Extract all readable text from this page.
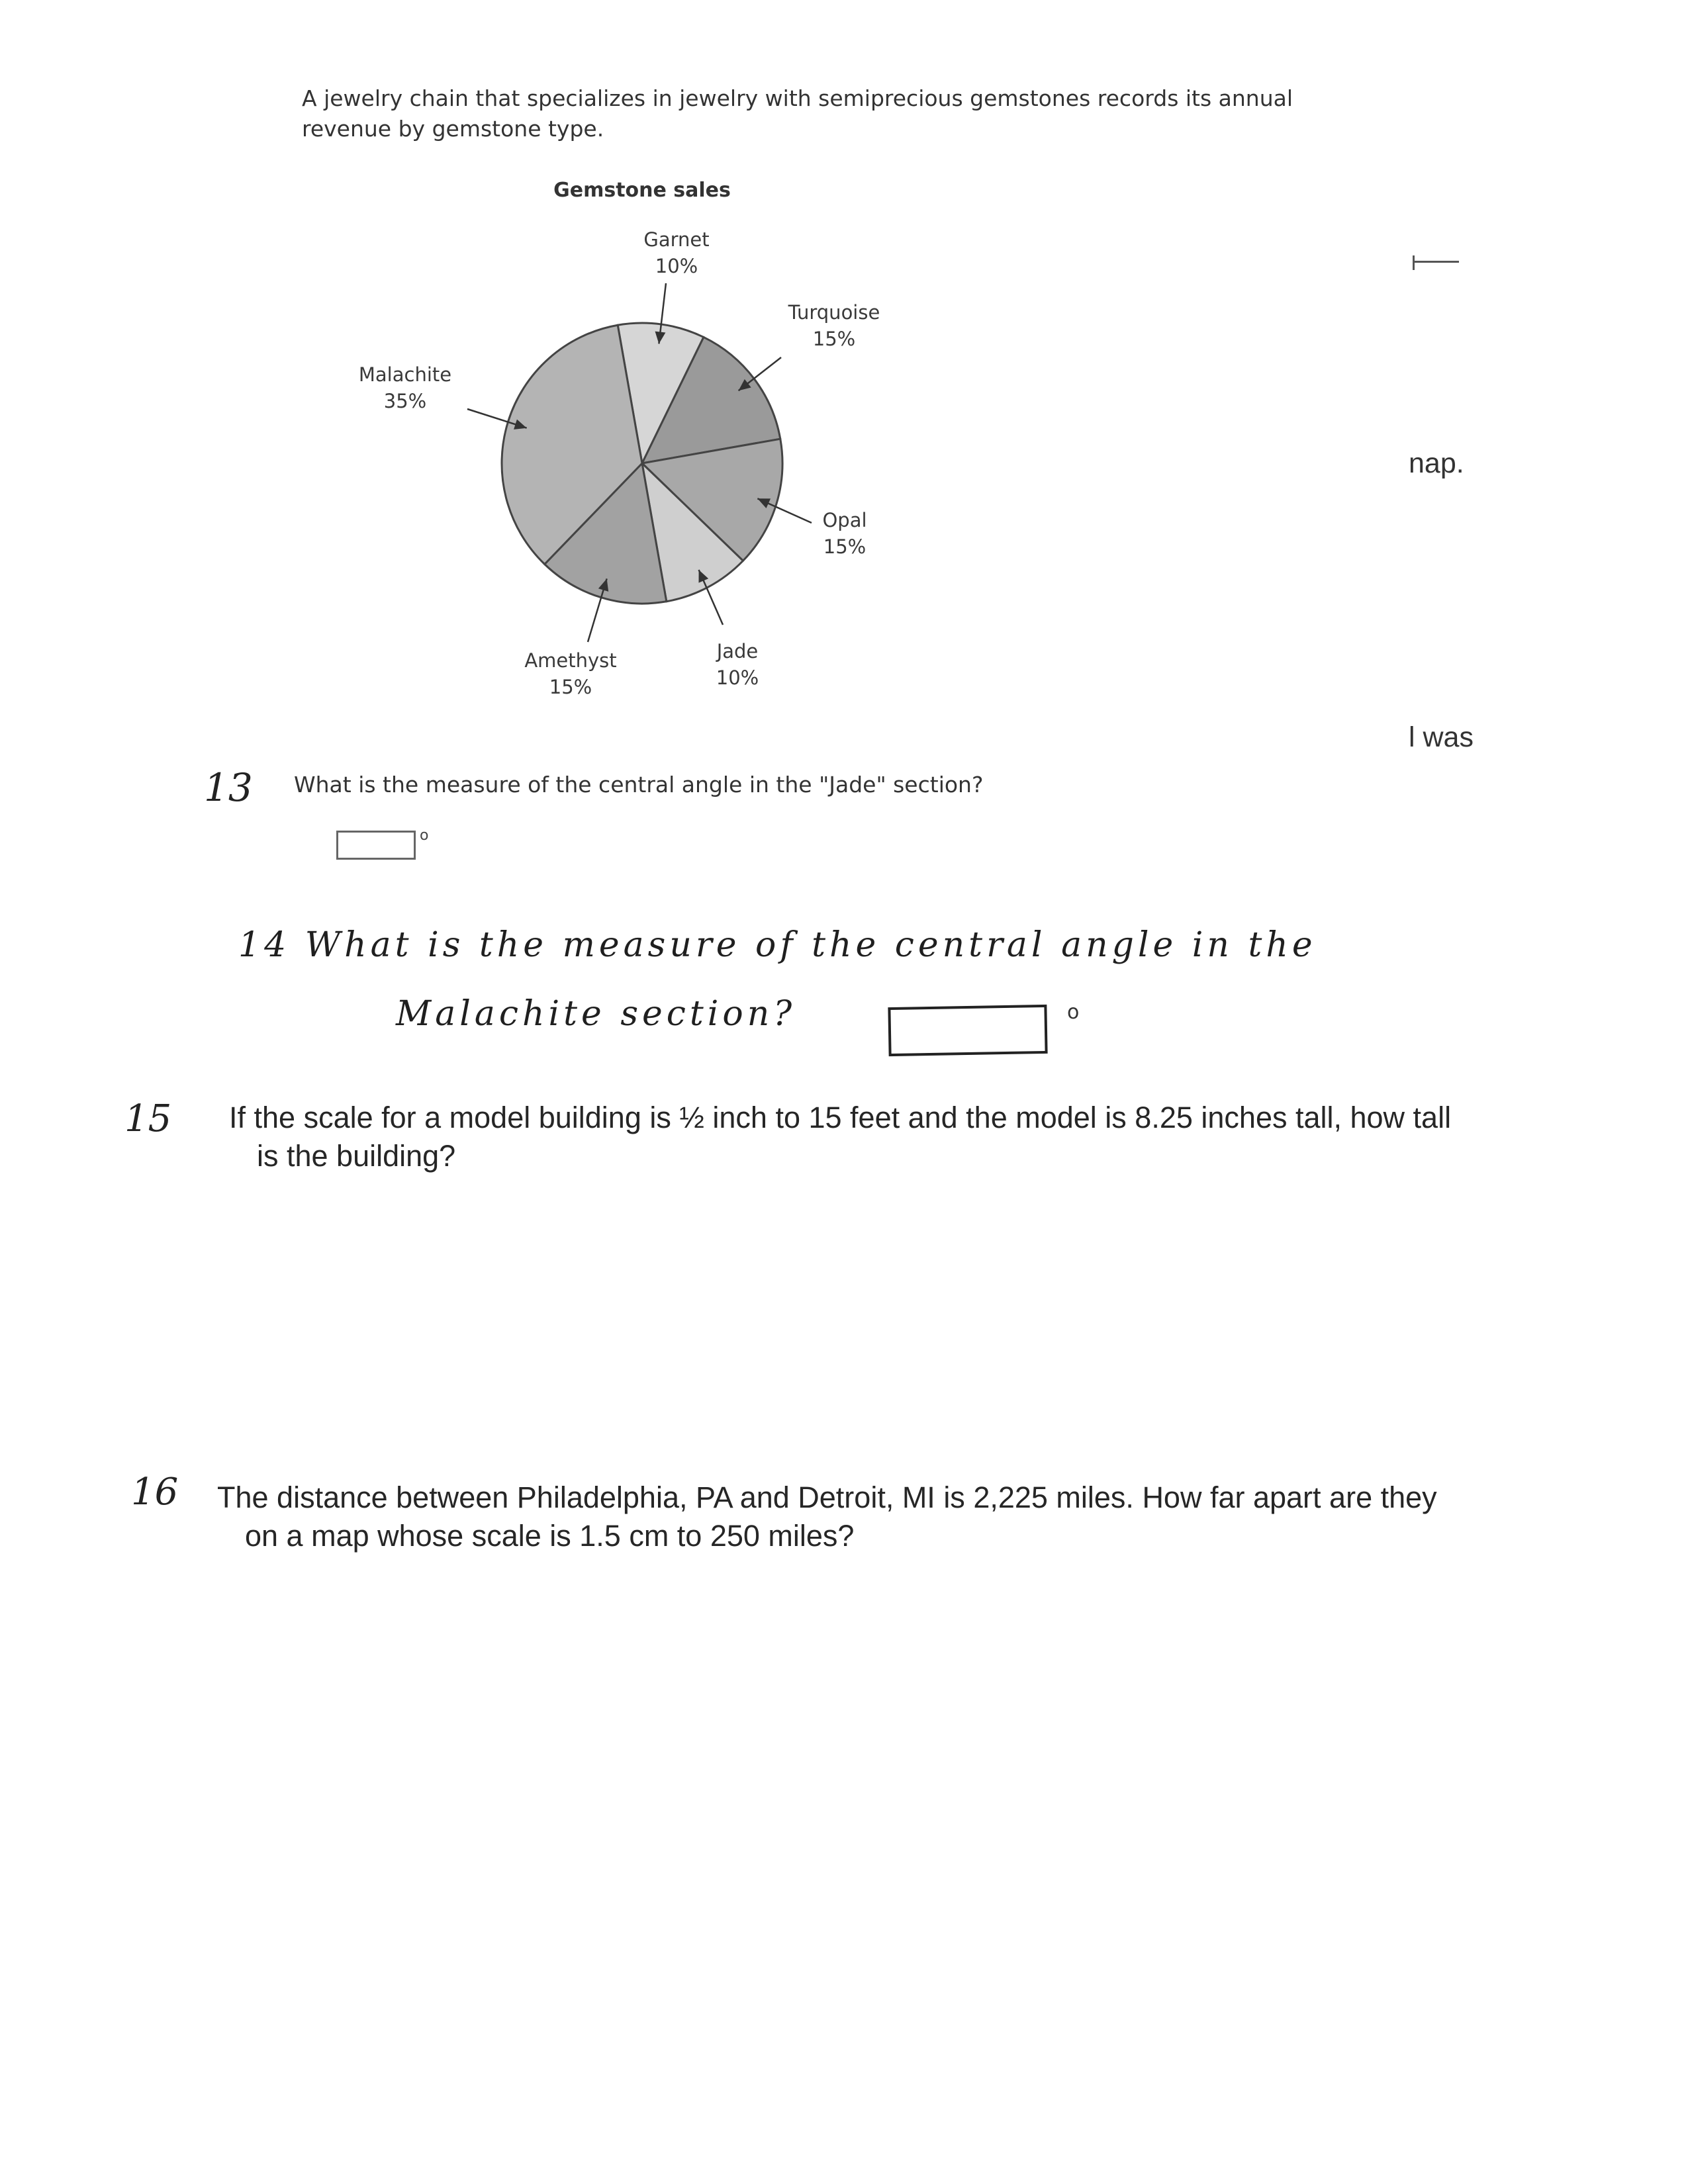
A jewelry chain that specializes in jewelry with semiprecious gemstones records its annual
revenue by gemstone type.
Gemstone sales
Garnet
10%
Turquoise
15%
Opal
15%
Jade
10%
Amethyst
15%
Malachite
35%
13 What is the measure of the central angle in the "Jade" section?
o
14 What is the measure of the central angle in the
Malachite section?	o
15 If the scale for a model building is ½ inch to 15 feet and the model is 8.25 inches tall, how tall
is the building?
16 The distance between Philadelphia, PA and Detroit, MI is 2,225 miles. How far apart are they
on a map whose scale is 1.5 cm to 250 miles?
nap.
l was
